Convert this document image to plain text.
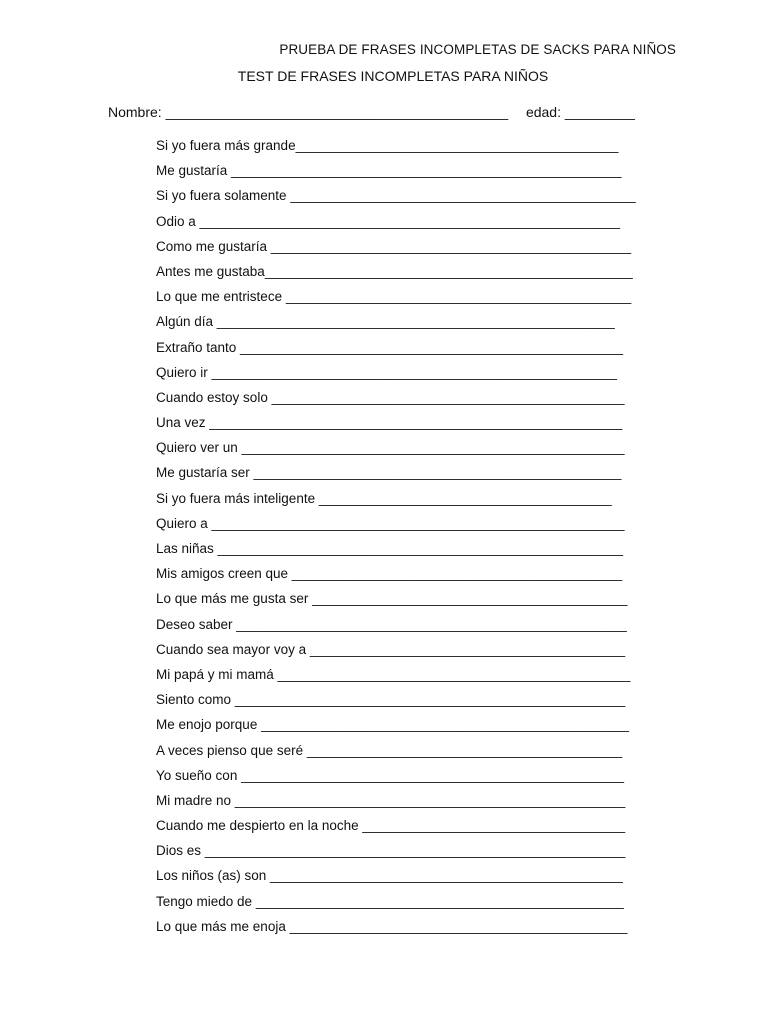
PRUEBA DE FRASES INCOMPLETAS DE SACKS PARA NIÑOS
TEST DE FRASES INCOMPLETAS PARA NIÑOS
Nombre: ____________________________________________ edad: _________
Si yo fuera más grande___________________________________________
Me gustaría ____________________________________________________
Si yo fuera solamente ______________________________________________
Odio a ________________________________________________________
Como me gustaría ________________________________________________
Antes me gustaba_________________________________________________
Lo que me entristece ______________________________________________
Algún día _____________________________________________________
Extraño tanto ___________________________________________________
Quiero ir ______________________________________________________
Cuando estoy solo _______________________________________________
Una vez _______________________________________________________
Quiero ver un ___________________________________________________
Me gustaría ser _________________________________________________
Si yo fuera más inteligente _______________________________________
Quiero a _______________________________________________________
Las niñas ______________________________________________________
Mis amigos creen que ____________________________________________
Lo que más me gusta ser __________________________________________
Deseo saber ____________________________________________________
Cuando sea mayor voy a __________________________________________
Mi papá y mi mamá _______________________________________________
Siento como ____________________________________________________
Me enojo porque _________________________________________________
A veces pienso que seré __________________________________________
Yo sueño con ___________________________________________________
Mi madre no ____________________________________________________
Cuando me despierto en la noche ___________________________________
Dios es ________________________________________________________
Los niños (as) son _______________________________________________
Tengo miedo de _________________________________________________
Lo que más me enoja _____________________________________________
